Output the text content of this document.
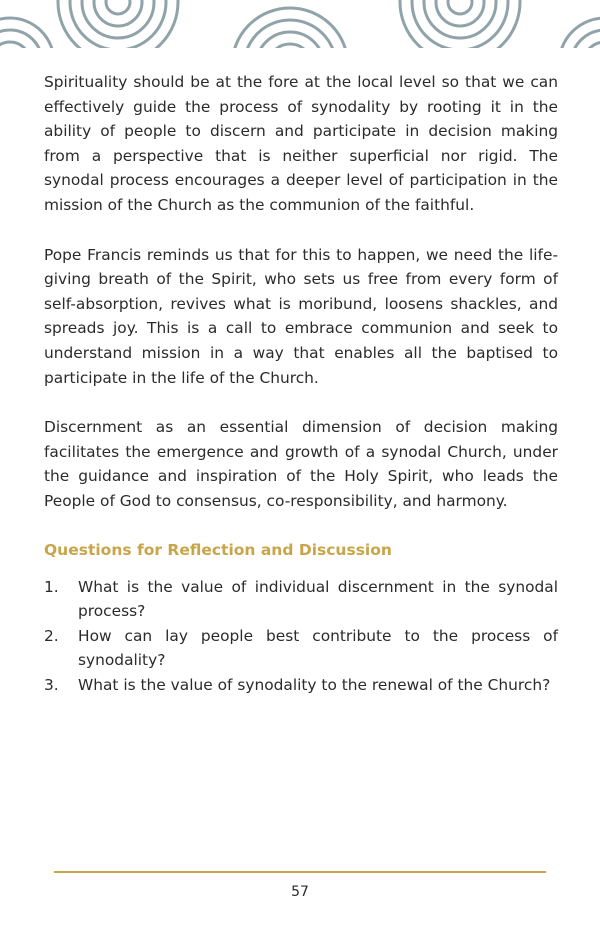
Spirituality should be at the fore at the local level so that we can effectively guide the process of synodality by rooting it in the ability of people to discern and participate in decision making from a perspective that is neither superficial nor rigid. The synodal process encourages a deeper level of participation in the mission of the Church as the communion of the faithful.

Pope Francis reminds us that for this to happen, we need the life-giving breath of the Spirit, who sets us free from every form of self-absorption, revives what is moribund, loosens shackles, and spreads joy. This is a call to embrace communion and seek to understand mission in a way that enables all the baptised to participate in the life of the Church.

Discernment as an essential dimension of decision making facilitates the emergence and growth of a synodal Church, under the guidance and inspiration of the Holy Spirit, who leads the People of God to consensus, co-responsibility, and harmony.

Questions for Reflection and Discussion
1.	What is the value of individual discernment in the synodal process?
2.	How can lay people best contribute to the process of synodality?
3.	What is the value of synodality to the renewal of the Church?
57
